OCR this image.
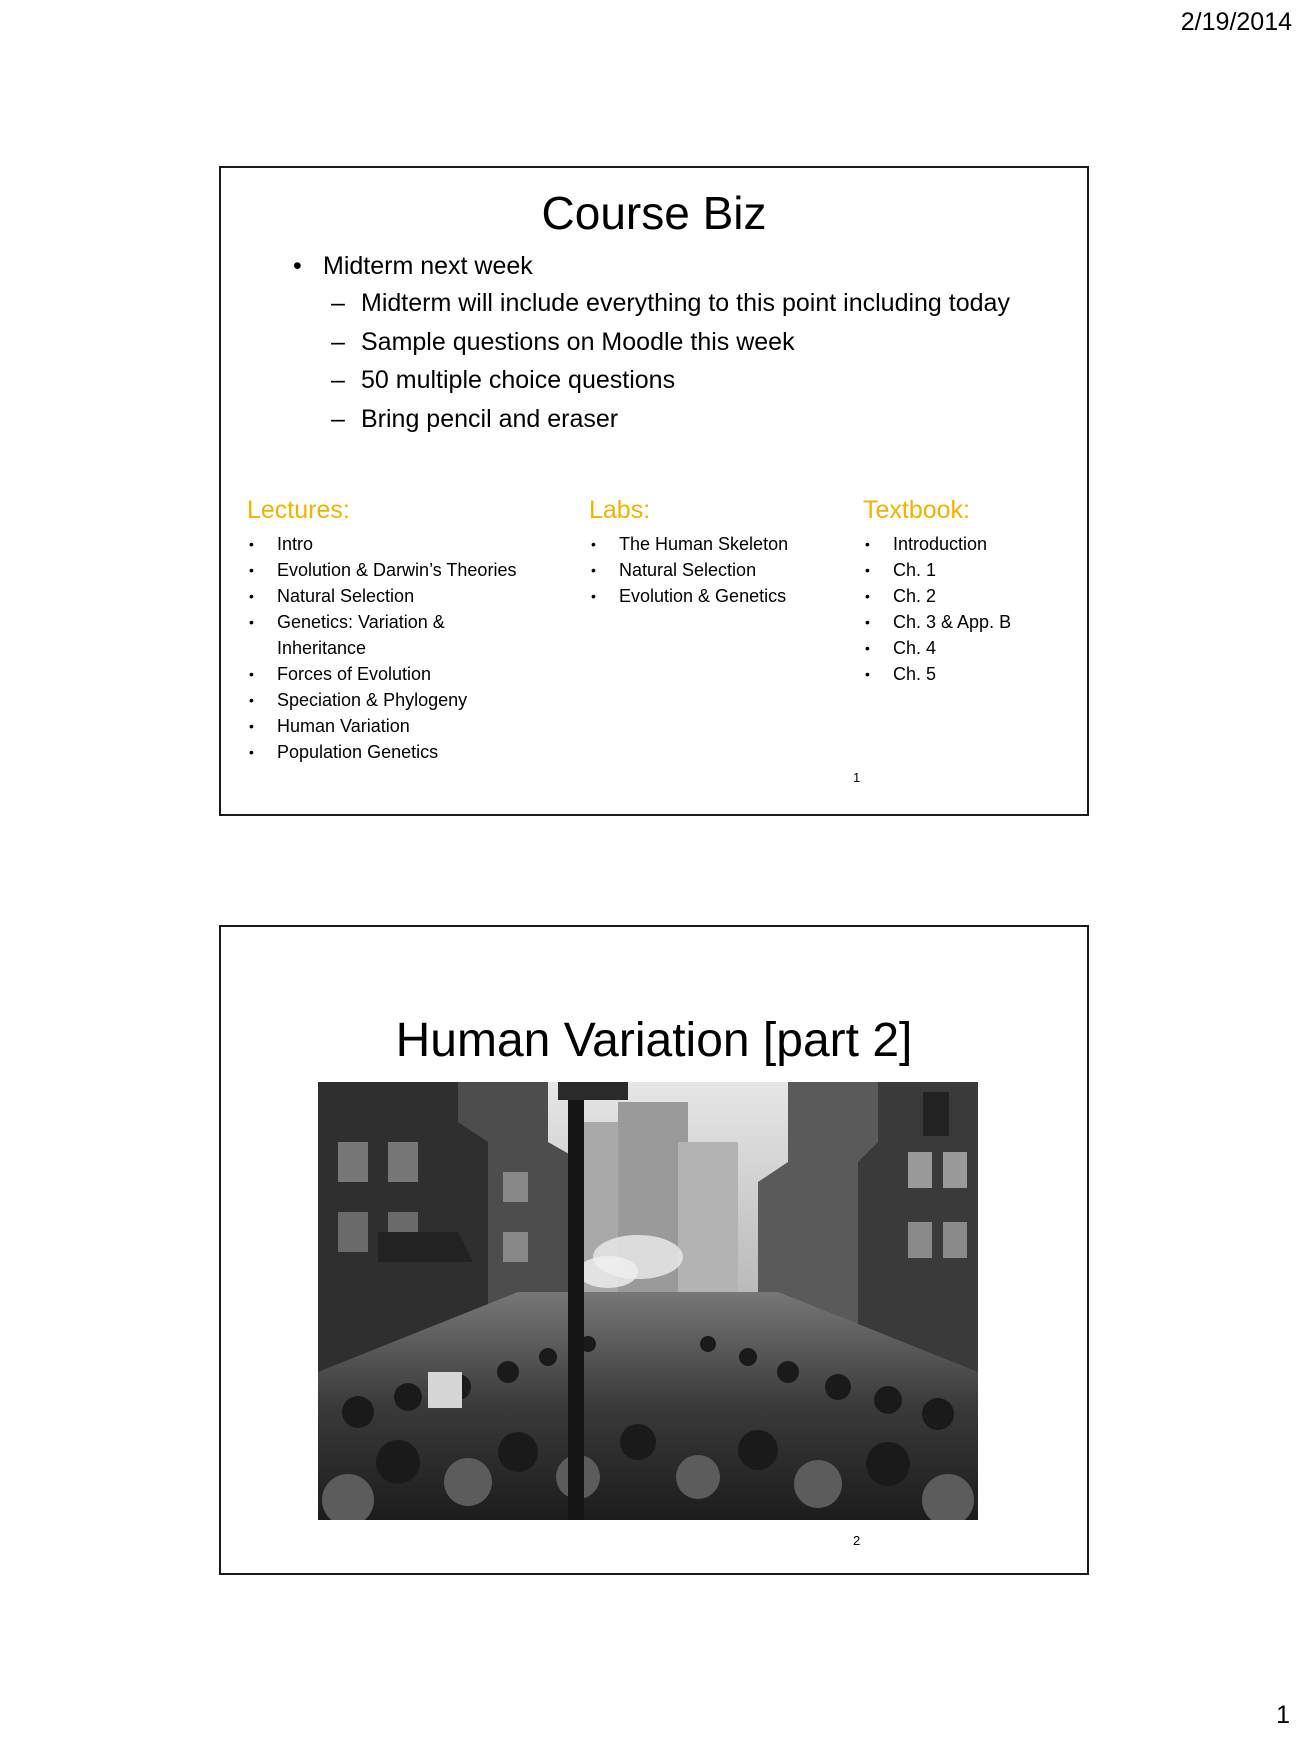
2/19/2014
Course Biz
• Midterm next week
– Midterm will include everything to this point including today
– Sample questions on Moodle this week
– 50 multiple choice questions
– Bring pencil and eraser
Lectures:
• Intro
• Evolution & Darwin’s Theories
• Natural Selection
• Genetics: Variation & Inheritance
• Forces of Evolution
• Speciation & Phylogeny
• Human Variation
• Population Genetics
Labs:
• The Human Skeleton
• Natural Selection
• Evolution & Genetics
Textbook:
• Introduction
• Ch. 1
• Ch. 2
• Ch. 3 & App. B
• Ch. 4
• Ch. 5
1
Human Variation [part 2]
2
1
